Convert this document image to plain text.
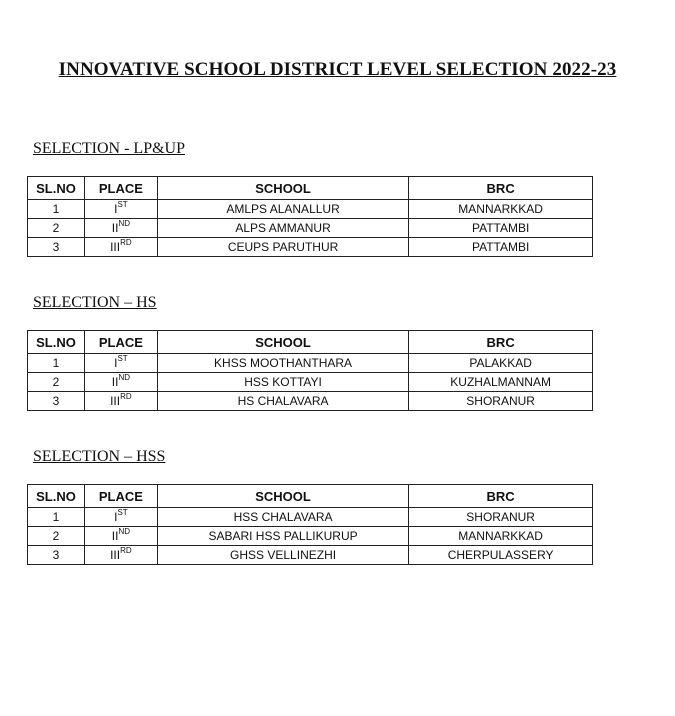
INNOVATIVE SCHOOL DISTRICT LEVEL SELECTION 2022-23
SELECTION - LP&UP
SL.NO	PLACE	SCHOOL	BRC
1	IST	AMLPS ALANALLUR	MANNARKKAD
2	IIND	ALPS AMMANUR	PATTAMBI
3	IIIRD	CEUPS PARUTHUR	PATTAMBI
SELECTION – HS
SL.NO	PLACE	SCHOOL	BRC
1	IST	KHSS MOOTHANTHARA	PALAKKAD
2	IIND	HSS KOTTAYI	KUZHALMANNAM
3	IIIRD	HS CHALAVARA	SHORANUR
SELECTION – HSS
SL.NO	PLACE	SCHOOL	BRC
1	IST	HSS CHALAVARA	SHORANUR
2	IIND	SABARI HSS PALLIKURUP	MANNARKKAD
3	IIIRD	GHSS VELLINEZHI	CHERPULASSERY
